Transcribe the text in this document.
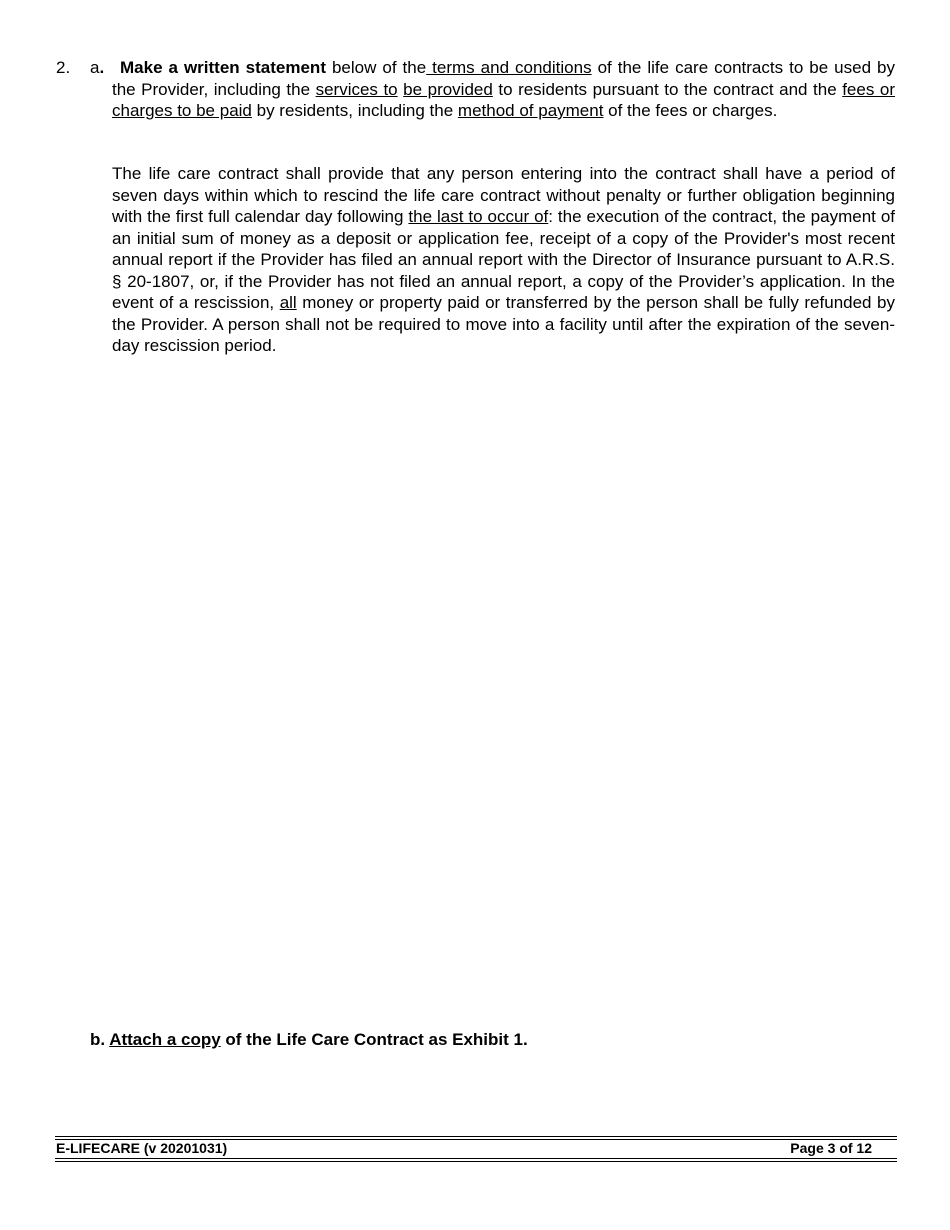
2. a. Make a written statement below of the terms and conditions of the life care contracts to be used by the Provider, including the services to be provided to residents pursuant to the contract and the fees or charges to be paid by residents, including the method of payment of the fees or charges.

The life care contract shall provide that any person entering into the contract shall have a period of seven days within which to rescind the life care contract without penalty or further obligation beginning with the first full calendar day following the last to occur of: the execution of the contract, the payment of an initial sum of money as a deposit or application fee, receipt of a copy of the Provider's most recent annual report if the Provider has filed an annual report with the Director of Insurance pursuant to A.R.S. § 20-1807, or, if the Provider has not filed an annual report, a copy of the Provider’s application. In the event of a rescission, all money or property paid or transferred by the person shall be fully refunded by the Provider. A person shall not be required to move into a facility until after the expiration of the seven-day rescission period.

b. Attach a copy of the Life Care Contract as Exhibit 1.
E-LIFECARE (v 20201031)	Page 3 of 12
